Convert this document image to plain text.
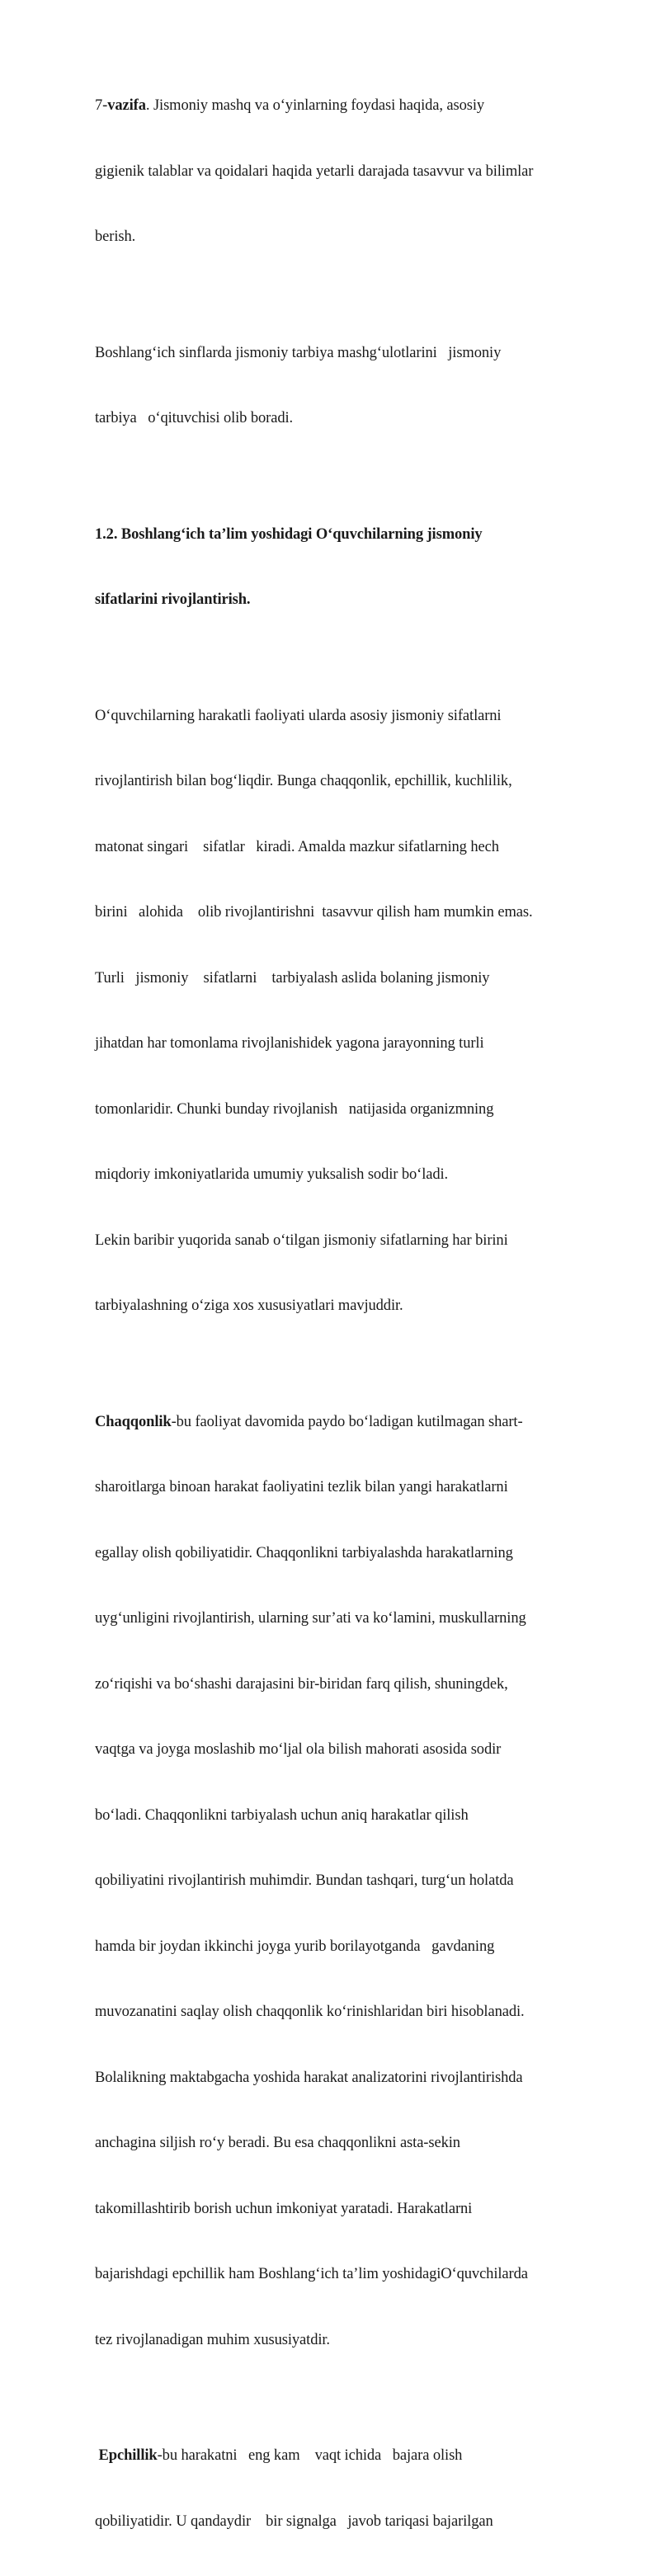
7-vazifa. Jismoniy mashq va o‘yinlarning foydasi haqida, asosiy

gigienik talablar va qoidalari haqida yetarli darajada tasavvur va bilimlar

berish.

Boshlang‘ich sinflarda jismoniy tarbiya mashg‘ulotlarini   jismoniy

tarbiya   o‘qituvchisi olib boradi.

1.2. Boshlang‘ich ta’lim yoshidagi O‘quvchilarning jismoniy

sifatlarini rivojlantirish.

O‘quvchilarning harakatli faoliyati ularda asosiy jismoniy sifatlarni

rivojlantirish bilan bog‘liqdir. Bunga chaqqonlik, epchillik, kuchlilik,

matonat singari    sifatlar   kiradi. Amalda mazkur sifatlarning hech

birini   alohida    olib rivojlantirishni  tasavvur qilish ham mumkin emas.

Turli   jismoniy    sifatlarni    tarbiyalash aslida bolaning jismoniy

jihatdan har tomonlama rivojlanishidek yagona jarayonning turli

tomonlaridir. Chunki bunday rivojlanish   natijasida organizmning

miqdoriy imkoniyatlarida umumiy yuksalish sodir bo‘ladi.

Lekin baribir yuqorida sanab o‘tilgan jismoniy sifatlarning har birini

tarbiyalashning o‘ziga xos xususiyatlari mavjuddir.

Chaqqonlik-bu faoliyat davomida paydo bo‘ladigan kutilmagan shart-

sharoitlarga binoan harakat faoliyatini tezlik bilan yangi harakatlarni

egallay olish qobiliyatidir. Chaqqonlikni tarbiyalashda harakatlarning

uyg‘unligini rivojlantirish, ularning sur’ati va ko‘lamini, muskullarning

zo‘riqishi va bo‘shashi darajasini bir-biridan farq qilish, shuningdek,

vaqtga va joyga moslashib mo‘ljal ola bilish mahorati asosida sodir

bo‘ladi. Chaqqonlikni tarbiyalash uchun aniq harakatlar qilish

qobiliyatini rivojlantirish muhimdir. Bundan tashqari, turg‘un holatda

hamda bir joydan ikkinchi joyga yurib borilayotganda   gavdaning

muvozanatini saqlay olish chaqqonlik ko‘rinishlaridan biri hisoblanadi.

Bolalikning maktabgacha yoshida harakat analizatorini rivojlantirishda

anchagina siljish ro‘y beradi. Bu esa chaqqonlikni asta-sekin

takomillashtirib borish uchun imkoniyat yaratadi. Harakatlarni

bajarishdagi epchillik ham Boshlang‘ich ta’lim yoshidagiO‘quvchilarda

tez rivojlanadigan muhim xususiyatdir.

Epchillik-bu harakatni   eng kam    vaqt ichida   bajara olish

qobiliyatidir. U qandaydir    bir signalga   javob tariqasi bajarilgan
